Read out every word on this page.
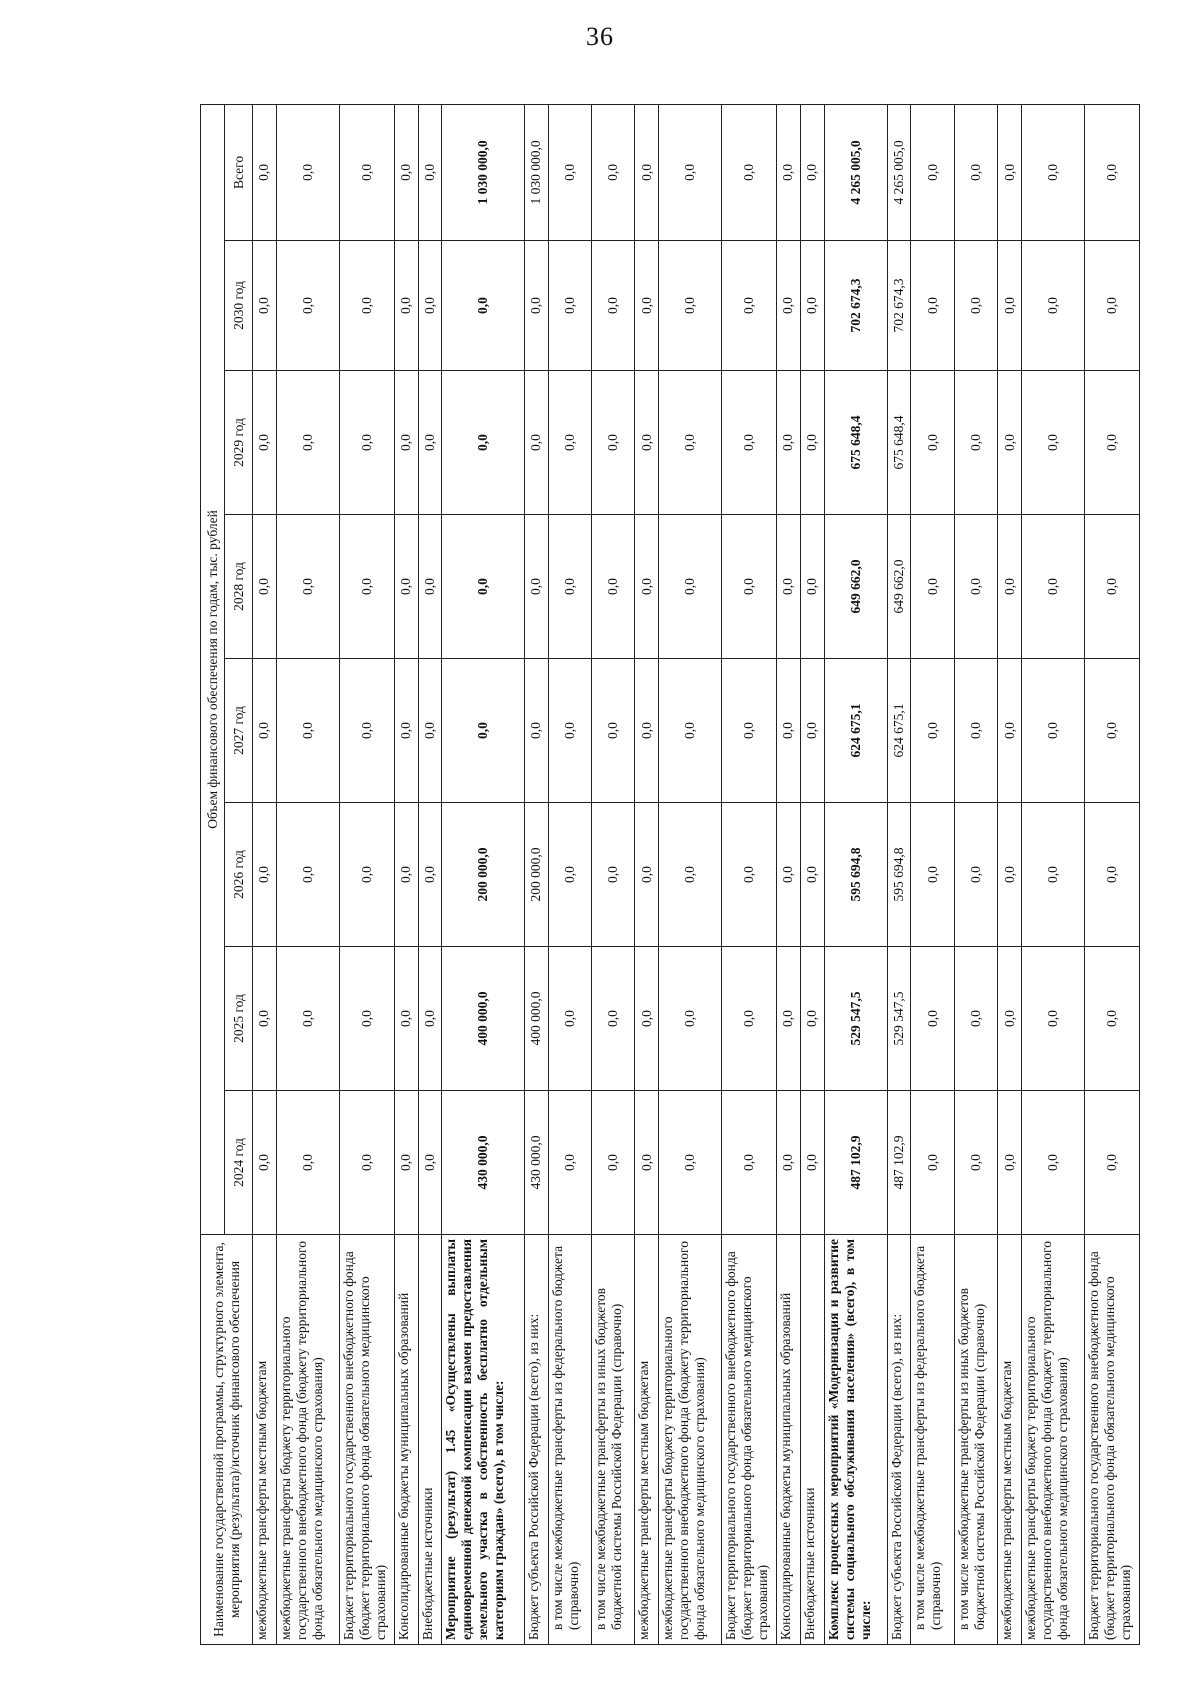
36
Наименование государственной программы, структурного элемента, мероприятия (результата)/источник финансового обеспечения	Объем финансового обеспечения по годам, тыс. рублей							
	2024 год	2025 год	2026 год	2027 год	2028 год	2029 год	2030 год	Всего
межбюджетные трансферты местным бюджетам	0,0	0,0	0,0	0,0	0,0	0,0	0,0	0,0
межбюджетные трансферты бюджету территориального государственного внебюджетного фонда (бюджету территориального фонда обязательного медицинского страхования)	0,0	0,0	0,0	0,0	0,0	0,0	0,0	0,0
Бюджет территориального государственного внебюджетного фонда (бюджет территориального фонда обязательного медицинского страхования)	0,0	0,0	0,0	0,0	0,0	0,0	0,0	0,0
Консолидированные бюджеты муниципальных образований	0,0	0,0	0,0	0,0	0,0	0,0	0,0	0,0
Внебюджетные источники	0,0	0,0	0,0	0,0	0,0	0,0	0,0	0,0
Мероприятие (результат) 1.45 «Осуществлены выплаты единовременной денежной компенсации взамен предоставления земельного участка в собственность бесплатно отдельным категориям граждан» (всего), в том числе:	430 000,0	400 000,0	200 000,0	0,0	0,0	0,0	0,0	1 030 000,0
Бюджет субъекта Российской Федерации (всего), из них:	430 000,0	400 000,0	200 000,0	0,0	0,0	0,0	0,0	1 030 000,0
в том числе межбюджетные трансферты из федерального бюджета (справочно)	0,0	0,0	0,0	0,0	0,0	0,0	0,0	0,0
в том числе межбюджетные трансферты из иных бюджетов бюджетной системы Российской Федерации (справочно)	0,0	0,0	0,0	0,0	0,0	0,0	0,0	0,0
межбюджетные трансферты местным бюджетам	0,0	0,0	0,0	0,0	0,0	0,0	0,0	0,0
межбюджетные трансферты бюджету территориального государственного внебюджетного фонда (бюджету территориального фонда обязательного медицинского страхования)	0,0	0,0	0,0	0,0	0,0	0,0	0,0	0,0
Бюджет территориального государственного внебюджетного фонда (бюджет территориального фонда обязательного медицинского страхования)	0,0	0,0	0,0	0,0	0,0	0,0	0,0	0,0
Консолидированные бюджеты муниципальных образований	0,0	0,0	0,0	0,0	0,0	0,0	0,0	0,0
Внебюджетные источники	0,0	0,0	0,0	0,0	0,0	0,0	0,0	0,0
Комплекс процессных мероприятий «Модернизация и развитие системы социального обслуживания населения» (всего), в том числе:	487 102,9	529 547,5	595 694,8	624 675,1	649 662,0	675 648,4	702 674,3	4 265 005,0
Бюджет субъекта Российской Федерации (всего), из них:	487 102,9	529 547,5	595 694,8	624 675,1	649 662,0	675 648,4	702 674,3	4 265 005,0
в том числе межбюджетные трансферты из федерального бюджета (справочно)	0,0	0,0	0,0	0,0	0,0	0,0	0,0	0,0
в том числе межбюджетные трансферты из иных бюджетов бюджетной системы Российской Федерации (справочно)	0,0	0,0	0,0	0,0	0,0	0,0	0,0	0,0
межбюджетные трансферты местным бюджетам	0,0	0,0	0,0	0,0	0,0	0,0	0,0	0,0
межбюджетные трансферты бюджету территориального государственного внебюджетного фонда (бюджету территориального фонда обязательного медицинского страхования)	0,0	0,0	0,0	0,0	0,0	0,0	0,0	0,0
Бюджет территориального государственного внебюджетного фонда (бюджет территориального фонда обязательного медицинского страхования)	0,0	0,0	0,0	0,0	0,0	0,0	0,0	0,0
